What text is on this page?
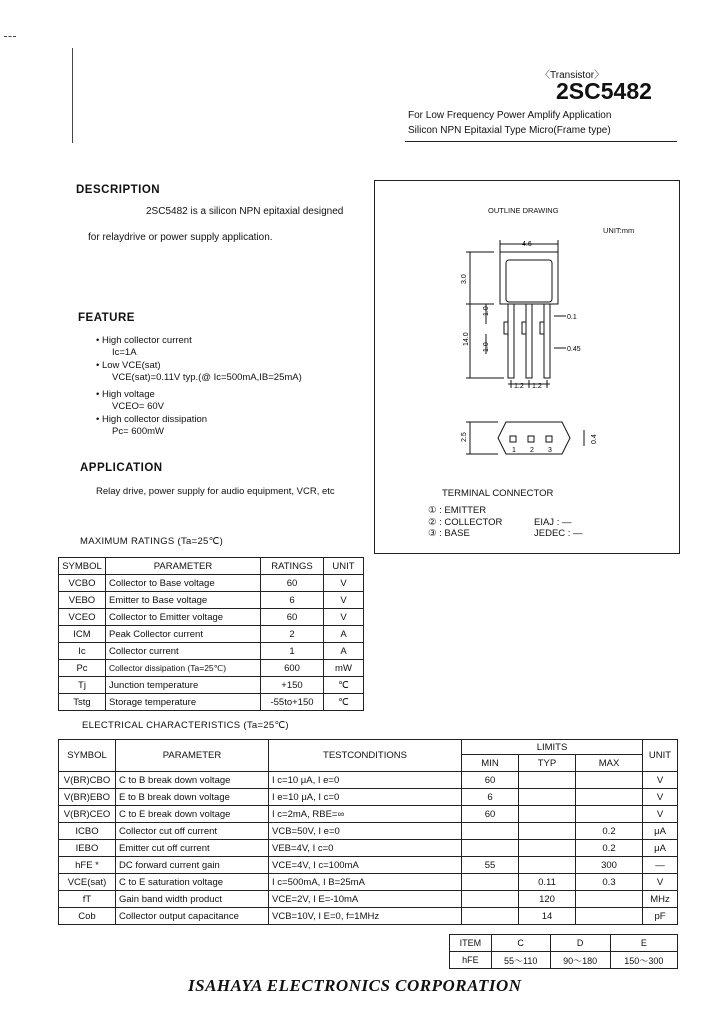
〈Transistor〉
2SC5482
For Low Frequency Power Amplify Application
Silicon NPN Epitaxial Type Micro(Frame type)
DESCRIPTION
2SC5482 is a silicon NPN epitaxial designed
for relaydrive or power supply application.
FEATURE
• High collector current
Ic=1A
• Low VCE(sat)
VCE(sat)=0.11V typ.(@ Ic=500mA,IB=25mA)
• High voltage
VCEO= 60V
• High collector dissipation
Pc= 600mW
APPLICATION
Relay drive, power supply for audio equipment, VCR, etc
OUTLINE DRAWING
UNIT:mm
4.6
3.0
14.0
1.0
1.0
0.1
0.45
1.2 1.2
1 2 3
2.5	0.4
TERMINAL CONNECTOR
① : EMITTER
② : COLLECTOR
③ : BASE
EIAJ : —
JEDEC : —
MAXIMUM RATINGS (Ta=25℃)
SYMBOL	PARAMETER	RATINGS	UNIT
VCBO	Collector to Base voltage	60	V
VEBO	Emitter to Base voltage	6	V
VCEO	Collector to Emitter voltage	60	V
ICM	Peak Collector current	2	A
Ic	Collector current	1	A
Pc	Collector dissipation (Ta=25℃)	600	mW
Tj	Junction temperature	+150	℃
Tstg	Storage temperature	-55to+150	℃
ELECTRICAL CHARACTERISTICS (Ta=25℃)
SYMBOL	PARAMETER	TESTCONDITIONS	LIMITS			UNIT
			MIN	TYP	MAX	
V(BR)CBO	C to B break down voltage	I c=10 μA, I e=0	60			V
V(BR)EBO	E to B break down voltage	I e=10 μA, I c=0	6			V
V(BR)CEO	C to E break down voltage	I c=2mA, RBE=∞	60			V
ICBO	Collector cut off current	VCB=50V, I e=0			0.2	μA
IEBO	Emitter cut off current	VEB=4V, I c=0			0.2	μA
hFE *	DC forward current gain	VCE=4V, I c=100mA	55		300	—
VCE(sat)	C to E saturation voltage	I c=500mA, I B=25mA		0.11	0.3	V
fT	Gain band width product	VCE=2V, I E=-10mA		120		MHz
Cob	Collector output capacitance	VCB=10V, I E=0, f=1MHz		14		pF
ITEM	C	D	E
hFE	55〜110	90〜180	150〜300
ISAHAYA ELECTRONICS CORPORATION
